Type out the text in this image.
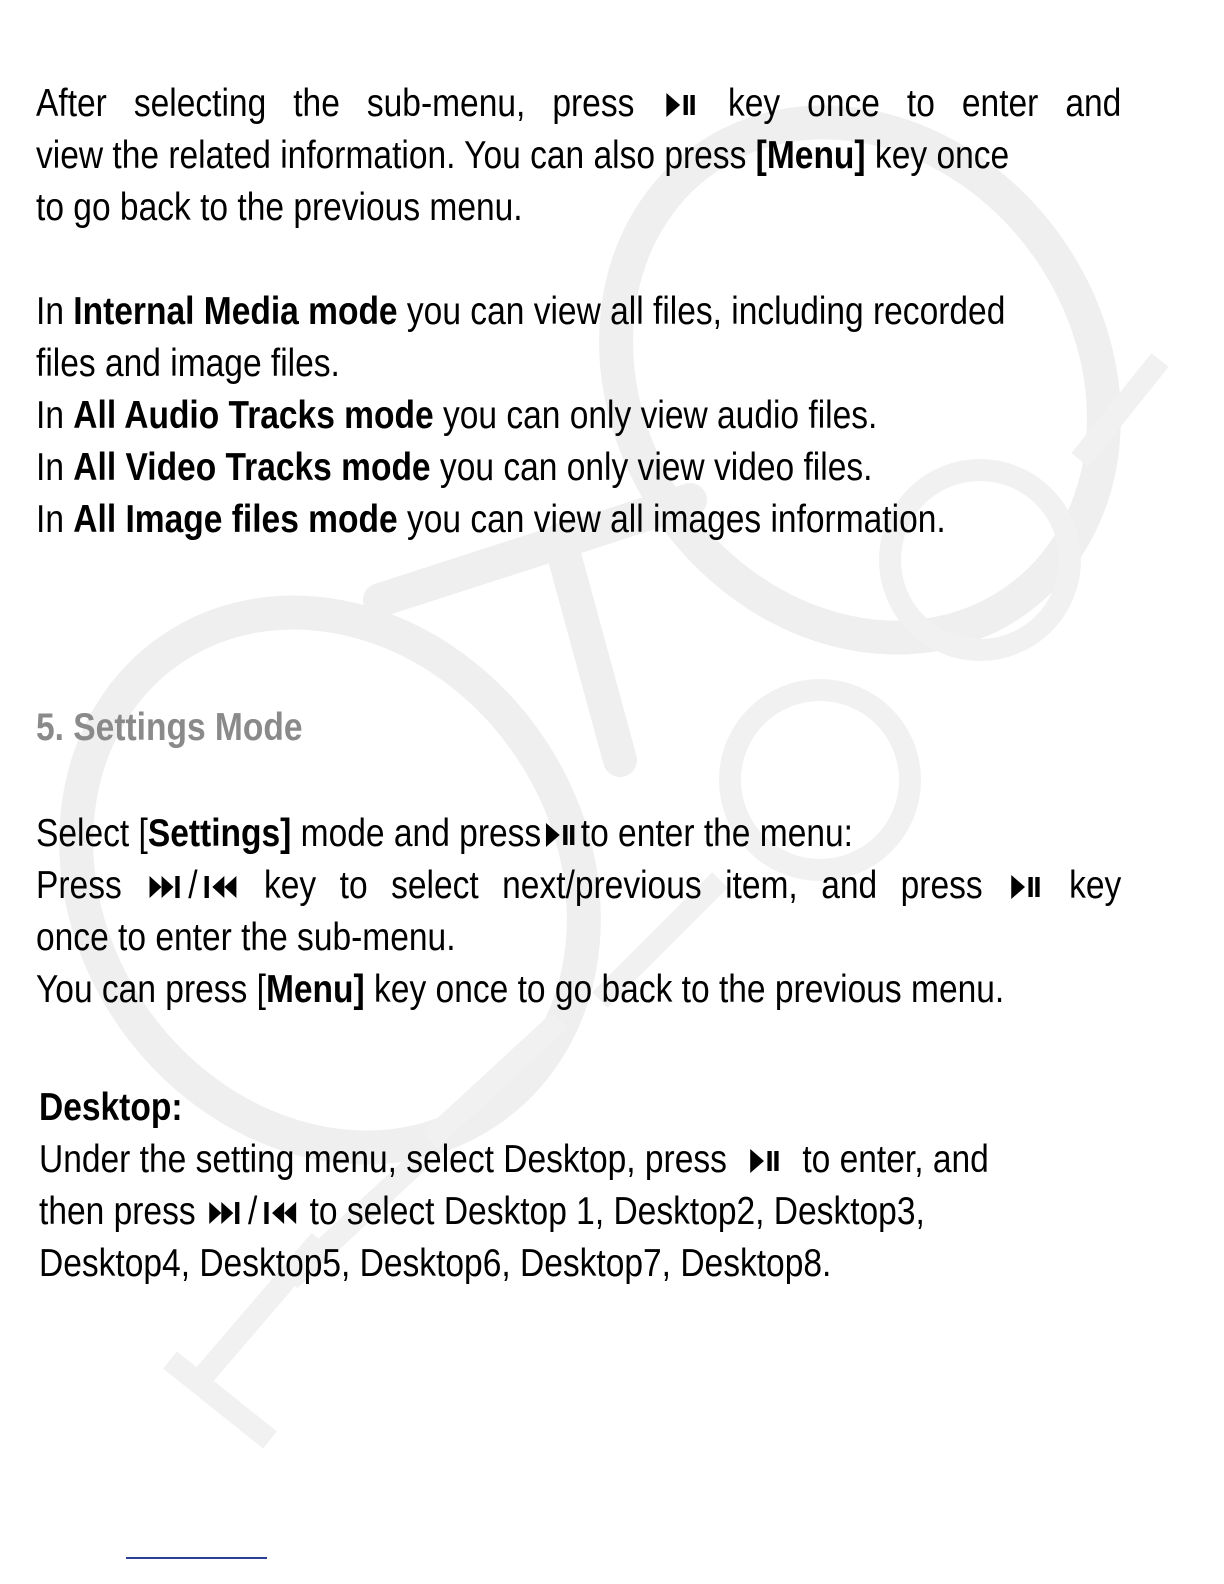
After selecting the sub-menu, press key once to enter and
view the related information. You can also press [Menu] key once
to go back to the previous menu.
In Internal Media mode you can view all files, including recorded
files and image files.
In All Audio Tracks mode you can only view audio files.
In All Video Tracks mode you can only view video files.
In All Image files mode you can view all images information.
5. Settings Mode
Select [Settings] mode and press to enter the menu:
Press / key to select next/previous item, and press key
once to enter the sub-menu.
You can press [Menu] key once to go back to the previous menu.
Desktop:
Under the setting menu, select Desktop, press to enter, and
then press / to select Desktop 1, Desktop2, Desktop3,
Desktop4, Desktop5, Desktop6, Desktop7, Desktop8.
